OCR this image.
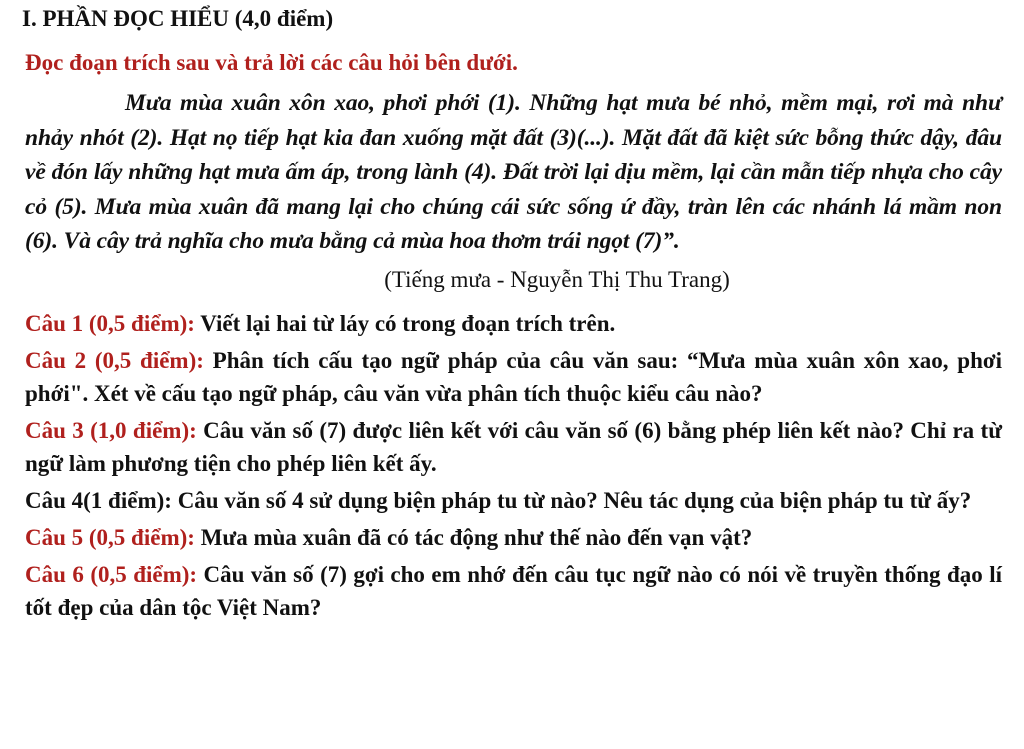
I. PHẦN ĐỌC HIỂU (4,0 điểm)
Đọc đoạn trích sau và trả lời các câu hỏi bên dưới.
Mưa mùa xuân xôn xao, phơi phới (1). Những hạt mưa bé nhỏ, mềm mại, rơi mà như nhảy nhót (2). Hạt nọ tiếp hạt kia đan xuống mặt đất (3)(...). Mặt đất đã kiệt sức bỗng thức dậy, đâu về đón lấy những hạt mưa ấm áp, trong lành (4). Đất trời lại dịu mềm, lại cần mẫn tiếp nhựa cho cây cỏ (5). Mưa mùa xuân đã mang lại cho chúng cái sức sống ứ đầy, tràn lên các nhánh lá mầm non (6). Và cây trả nghĩa cho mưa bằng cả mùa hoa thơm trái ngọt (7)”.
(Tiếng mưa - Nguyễn Thị Thu Trang)
Câu 1 (0,5 điểm): Viết lại hai từ láy có trong đoạn trích trên.
Câu 2 (0,5 điểm): Phân tích cấu tạo ngữ pháp của câu văn sau: “Mưa mùa xuân xôn xao, phơi phới". Xét về cấu tạo ngữ pháp, câu văn vừa phân tích thuộc kiểu câu nào?
Câu 3 (1,0 điểm): Câu văn số (7) được liên kết với câu văn số (6) bằng phép liên kết nào? Chỉ ra từ ngữ làm phương tiện cho phép liên kết ấy.
Câu 4(1 điểm): Câu văn số 4 sử dụng biện pháp tu từ nào? Nêu tác dụng của biện pháp tu từ ấy?
Câu 5 (0,5 điểm): Mưa mùa xuân đã có tác động như thế nào đến vạn vật?
Câu 6 (0,5 điểm): Câu văn số (7) gợi cho em nhớ đến câu tục ngữ nào có nói về truyền thống đạo lí tốt đẹp của dân tộc Việt Nam?
